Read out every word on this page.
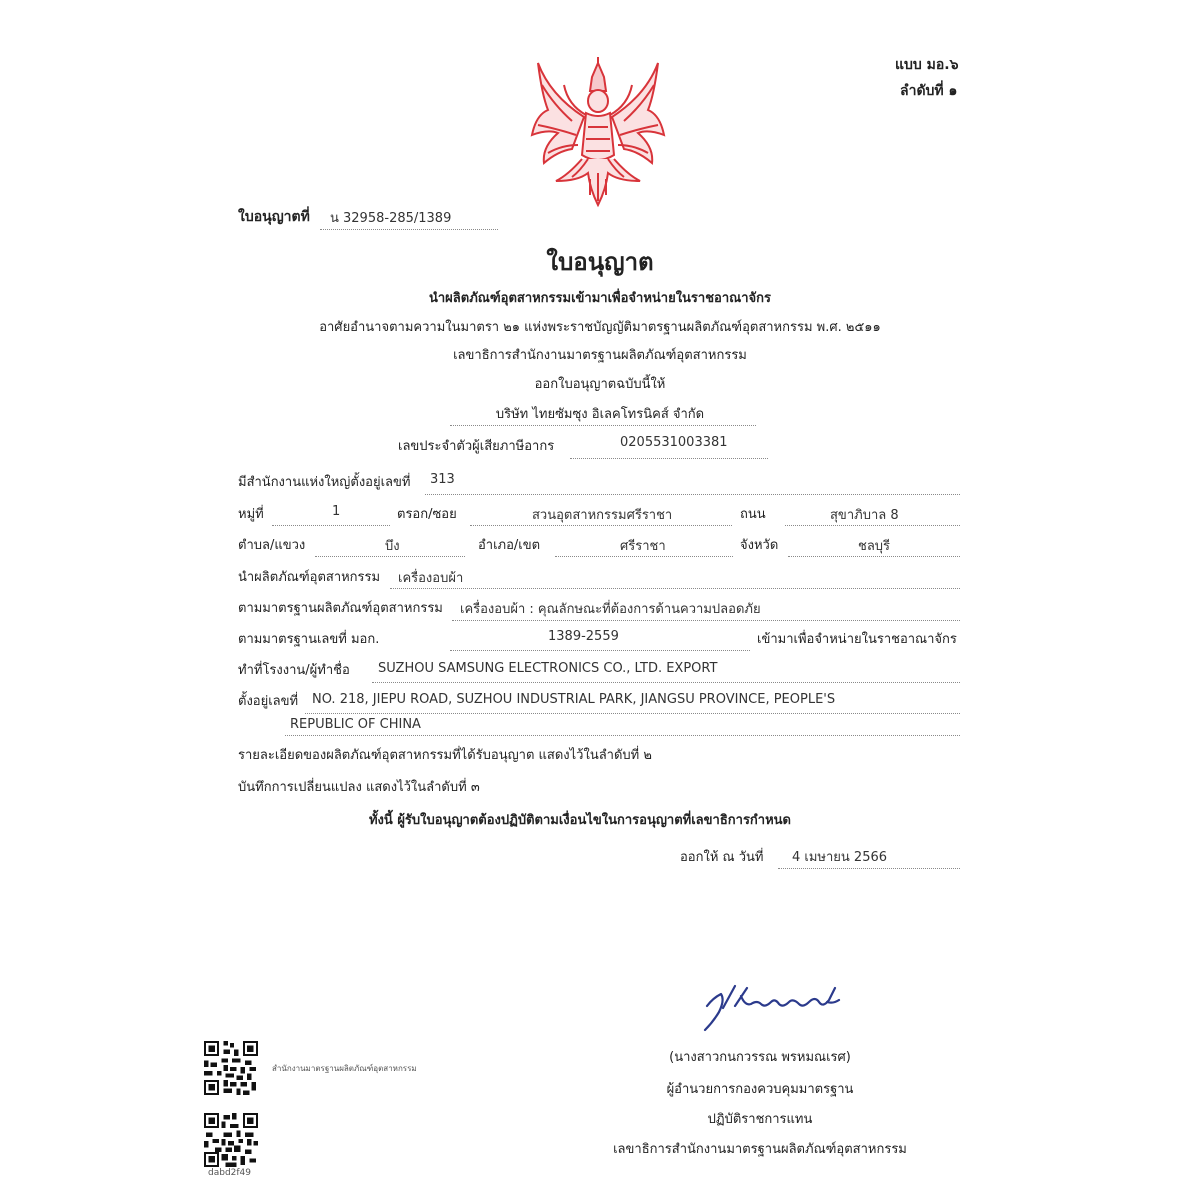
แบบ มอ.๖
ลำดับที่ ๑
ใบอนุญาตที่ น 32958-285/1389
ใบอนุญาต
นำผลิตภัณฑ์อุตสาหกรรมเข้ามาเพื่อจำหน่ายในราชอาณาจักร
อาศัยอำนาจตามความในมาตรา ๒๑ แห่งพระราชบัญญัติมาตรฐานผลิตภัณฑ์อุตสาหกรรม พ.ศ. ๒๕๑๑
เลขาธิการสำนักงานมาตรฐานผลิตภัณฑ์อุตสาหกรรม
ออกใบอนุญาตฉบับนี้ให้
บริษัท ไทยซัมซุง อิเลคโทรนิคส์ จำกัด
เลขประจำตัวผู้เสียภาษีอากร	0205531003381
มีสำนักงานแห่งใหญ่ตั้งอยู่เลขที่ 313
หมู่ที่	1	ตรอก/ซอย	สวนอุตสาหกรรมศรีราชา	ถนน	สุขาภิบาล 8
ตำบล/แขวง	บึง	อำเภอ/เขต	ศรีราชา	จังหวัด	ชลบุรี
นำผลิตภัณฑ์อุตสาหกรรม เครื่องอบผ้า
ตามมาตรฐานผลิตภัณฑ์อุตสาหกรรม เครื่องอบผ้า : คุณลักษณะที่ต้องการด้านความปลอดภัย
ตามมาตรฐานเลขที่ มอก.	1389-2559	เข้ามาเพื่อจำหน่ายในราชอาณาจักร
ทำที่โรงงาน/ผู้ทำชื่อ SUZHOU SAMSUNG ELECTRONICS CO., LTD. EXPORT
ตั้งอยู่เลขที่ NO. 218, JIEPU ROAD, SUZHOU INDUSTRIAL PARK, JIANGSU PROVINCE, PEOPLE'S
REPUBLIC OF CHINA
รายละเอียดของผลิตภัณฑ์อุตสาหกรรมที่ได้รับอนุญาต แสดงไว้ในลำดับที่ ๒
บันทึกการเปลี่ยนแปลง แสดงไว้ในลำดับที่ ๓
ทั้งนี้ ผู้รับใบอนุญาตต้องปฏิบัติตามเงื่อนไขในการอนุญาตที่เลขาธิการกำหนด
ออกให้ ณ วันที่ 4 เมษายน 2566
(นางสาวกนกวรรณ พรหมณเรศ)
ผู้อำนวยการกองควบคุมมาตรฐาน
ปฏิบัติราชการแทน
เลขาธิการสำนักงานมาตรฐานผลิตภัณฑ์อุตสาหกรรม
สำนักงานมาตรฐานผลิตภัณฑ์อุตสาหกรรม
dabd2f49
